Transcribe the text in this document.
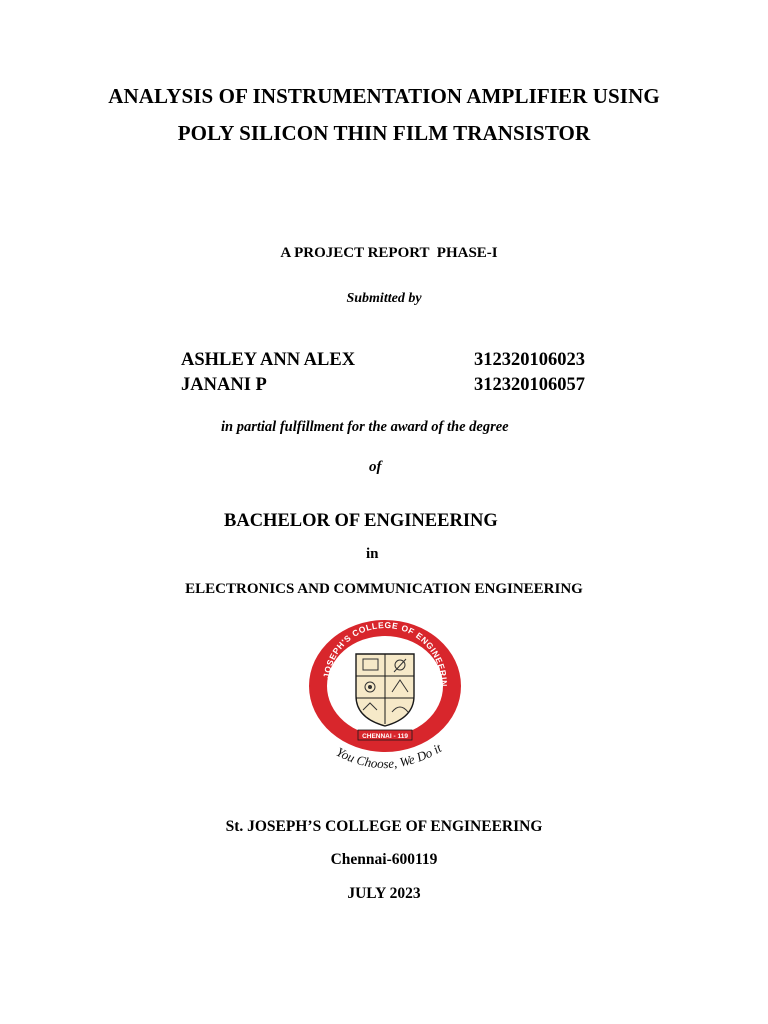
ANALYSIS OF INSTRUMENTATION AMPLIFIER USING
POLY SILICON THIN FILM TRANSISTOR
A PROJECT REPORT  PHASE-I
Submitted by
ASHLEY ANN ALEX	312320106023
JANANI P	312320106057
in partial fulfillment for the award of the degree
of
BACHELOR OF ENGINEERING
in
ELECTRONICS AND COMMUNICATION ENGINEERING
. JOSEPH'S COLLEGE OF ENGINEERIN
CHENNAI - 119
You Choose, We Do it
St. JOSEPH’S COLLEGE OF ENGINEERING
Chennai-600119
JULY 2023
